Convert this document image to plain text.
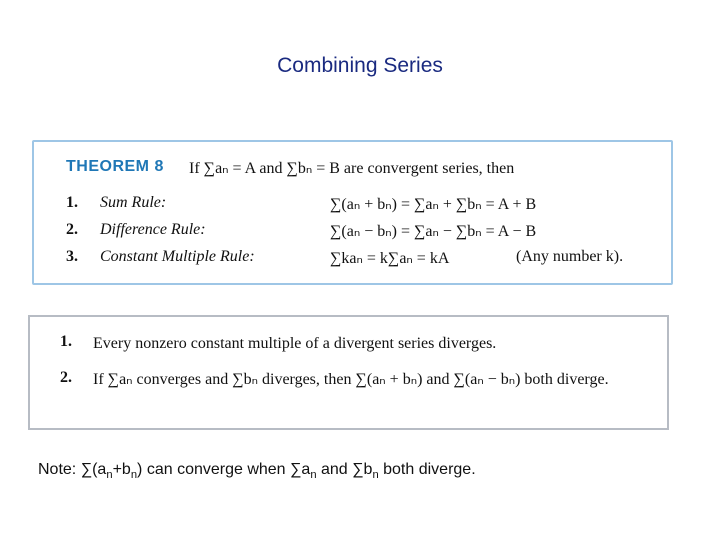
Combining Series
THEOREM 8 If ∑aₙ = A and ∑bₙ = B are convergent series, then
1. Sum Rule:	∑(aₙ + bₙ) = ∑aₙ + ∑bₙ = A + B
2. Difference Rule:	∑(aₙ − bₙ) = ∑aₙ − ∑bₙ = A − B
3. Constant Multiple Rule:	∑kaₙ = k∑aₙ = kA	(Any number k).
1. Every nonzero constant multiple of a divergent series diverges.
2. If ∑aₙ converges and ∑bₙ diverges, then ∑(aₙ + bₙ) and ∑(aₙ − bₙ) both diverge.
Note: $\sum(a_n+b_n)$ can converge when $\sum a_n$ and $\sum b_n$ both diverge.
